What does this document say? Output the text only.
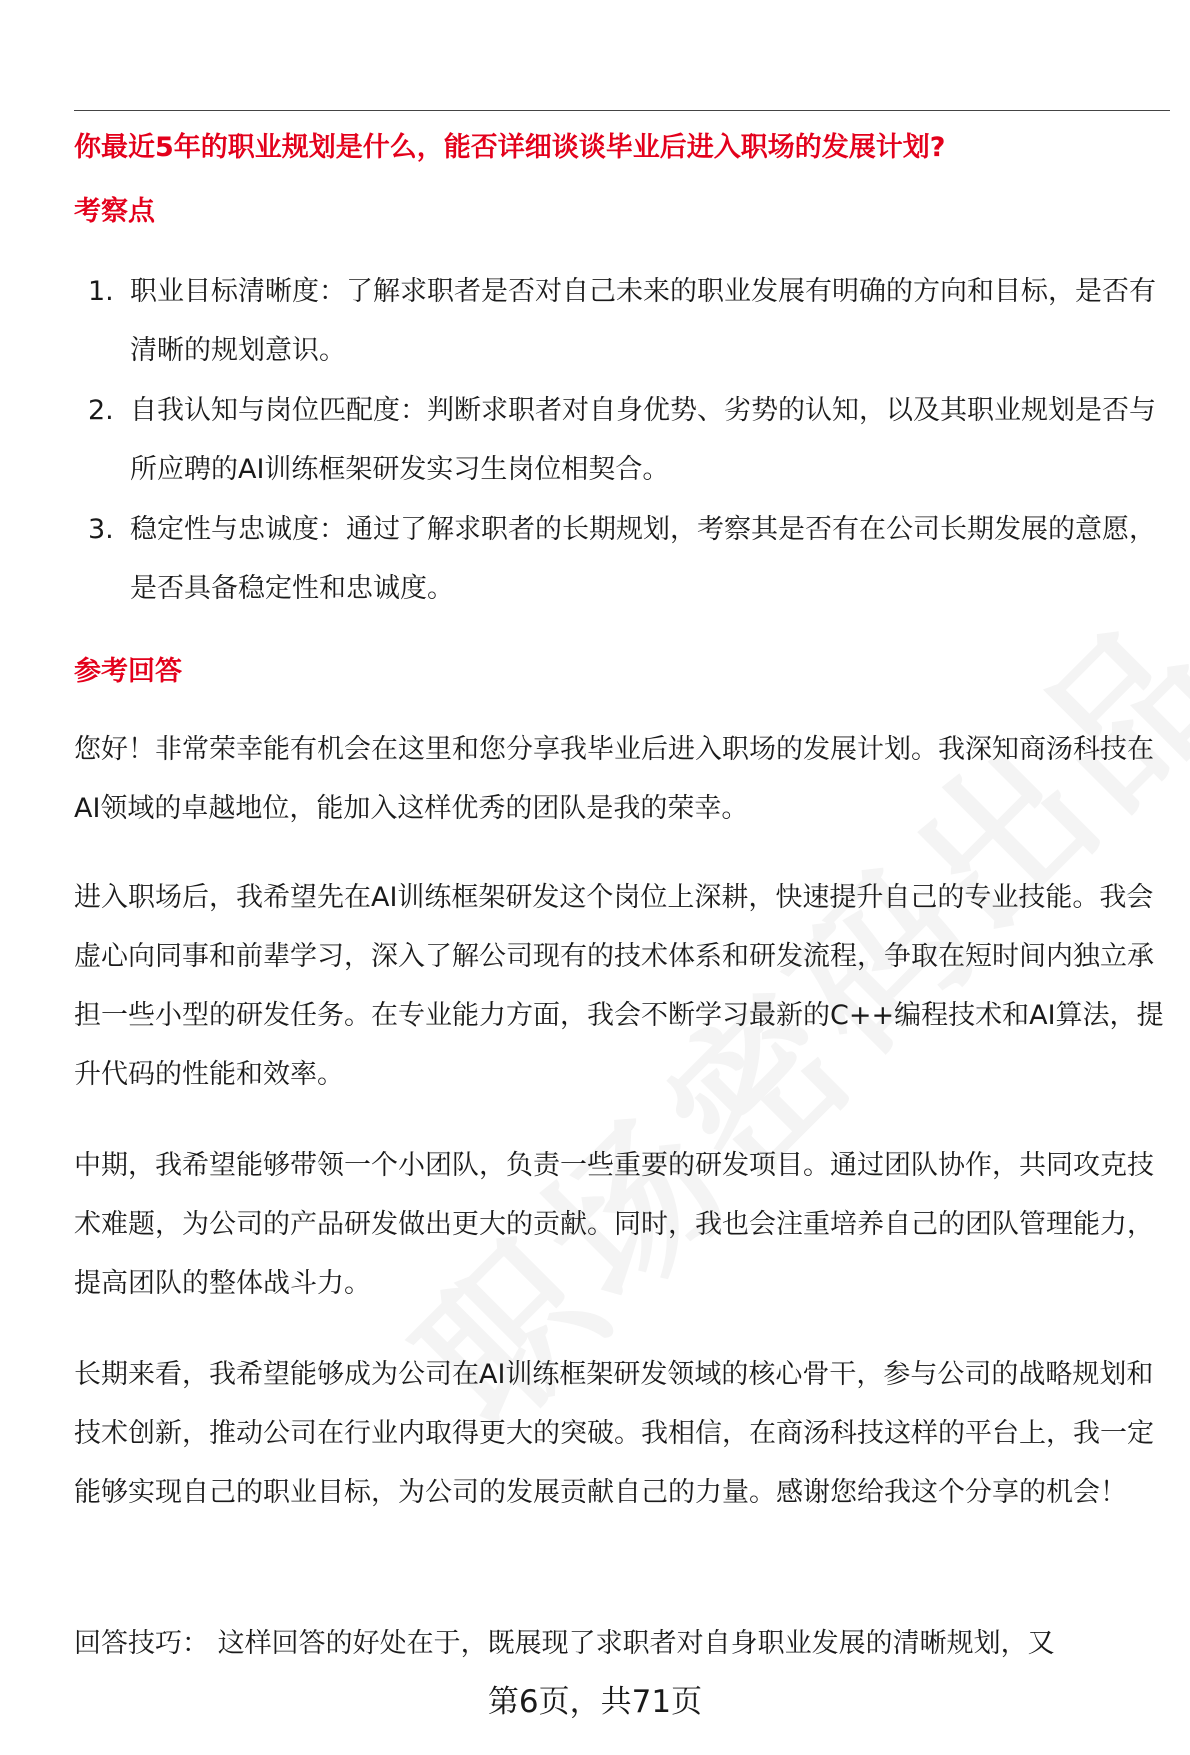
你最近5年的职业规划是什么，能否详细谈谈毕业后进入职场的发展计划?
考察点
1. 职业目标清晰度：了解求职者是否对自己未来的职业发展有明确的方向和目标，是否有清晰的规划意识。
2. 自我认知与岗位匹配度：判断求职者对自身优势、劣势的认知，以及其职业规划是否与所应聘的AI训练框架研发实习生岗位相契合。
3. 稳定性与忠诚度：通过了解求职者的长期规划，考察其是否有在公司长期发展的意愿，是否具备稳定性和忠诚度。
参考回答

您好！非常荣幸能有机会在这里和您分享我毕业后进入职场的发展计划。我深知商汤科技在AI领域的卓越地位，能加入这样优秀的团队是我的荣幸。

进入职场后，我希望先在AI训练框架研发这个岗位上深耕，快速提升自己的专业技能。我会虚心向同事和前辈学习，深入了解公司现有的技术体系和研发流程，争取在短时间内独立承担一些小型的研发任务。在专业能力方面，我会不断学习最新的C++编程技术和AI算法，提升代码的性能和效率。

中期，我希望能够带领一个小团队，负责一些重要的研发项目。通过团队协作，共同攻克技术难题，为公司的产品研发做出更大的贡献。同时，我也会注重培养自己的团队管理能力，提高团队的整体战斗力。

长期来看，我希望能够成为公司在AI训练框架研发领域的核心骨干，参与公司的战略规划和技术创新，推动公司在行业内取得更大的突破。我相信，在商汤科技这样的平台上，我一定能够实现自己的职业目标，为公司的发展贡献自己的力量。感谢您给我这个分享的机会！

回答技巧： 这样回答的好处在于，既展现了求职者对自身职业发展的清晰规划，又

第6页，共71页
